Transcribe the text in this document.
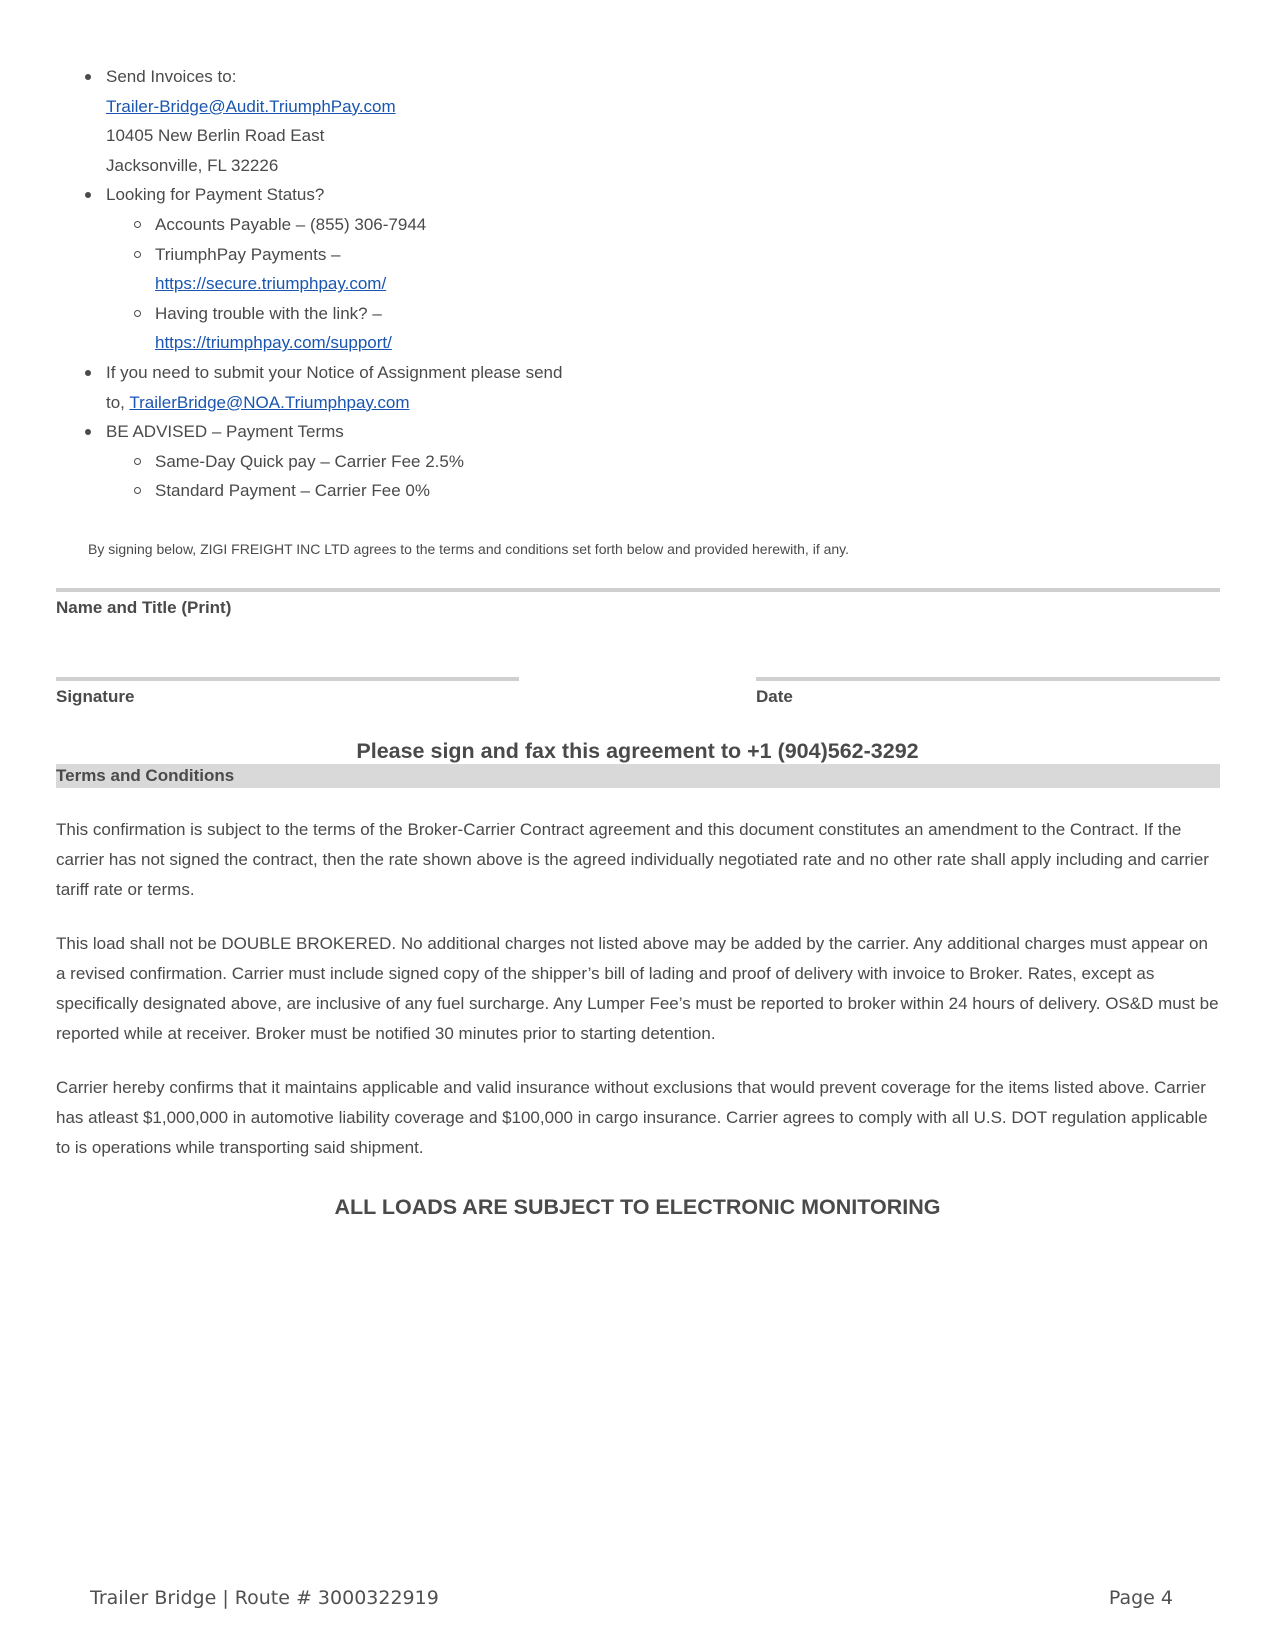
Send Invoices to:
Trailer-Bridge@Audit.TriumphPay.com
10405 New Berlin Road East
Jacksonville, FL 32226
Looking for Payment Status?
Accounts Payable – (855) 306-7944
TriumphPay Payments –
https://secure.triumphpay.com/
Having trouble with the link? –
https://triumphpay.com/support/
If you need to submit your Notice of Assignment please send
to, TrailerBridge@NOA.Triumphpay.com
BE ADVISED – Payment Terms
Same-Day Quick pay – Carrier Fee 2.5%
Standard Payment – Carrier Fee 0%
By signing below, ZIGI FREIGHT INC LTD agrees to the terms and conditions set forth below and provided herewith, if any.
Name and Title (Print)
Signature	Date
Please sign and fax this agreement to +1 (904)562-3292
Terms and Conditions

This confirmation is subject to the terms of the Broker-Carrier Contract agreement and this document constitutes an amendment to the Contract. If the carrier has not signed the contract, then the rate shown above is the agreed individually negotiated rate and no other rate shall apply including and carrier tariff rate or terms.

This load shall not be DOUBLE BROKERED. No additional charges not listed above may be added by the carrier. Any additional charges must appear on a revised confirmation. Carrier must include signed copy of the shipper’s bill of lading and proof of delivery with invoice to Broker. Rates, except as specifically designated above, are inclusive of any fuel surcharge. Any Lumper Fee’s must be reported to broker within 24 hours of delivery. OS&D must be reported while at receiver. Broker must be notified 30 minutes prior to starting detention.

Carrier hereby confirms that it maintains applicable and valid insurance without exclusions that would prevent coverage for the items listed above. Carrier has atleast $1,000,000 in automotive liability coverage and $100,000 in cargo insurance. Carrier agrees to comply with all U.S. DOT regulation applicable to is operations while transporting said shipment.

ALL LOADS ARE SUBJECT TO ELECTRONIC MONITORING
Trailer Bridge | Route # 3000322919	Page 4
